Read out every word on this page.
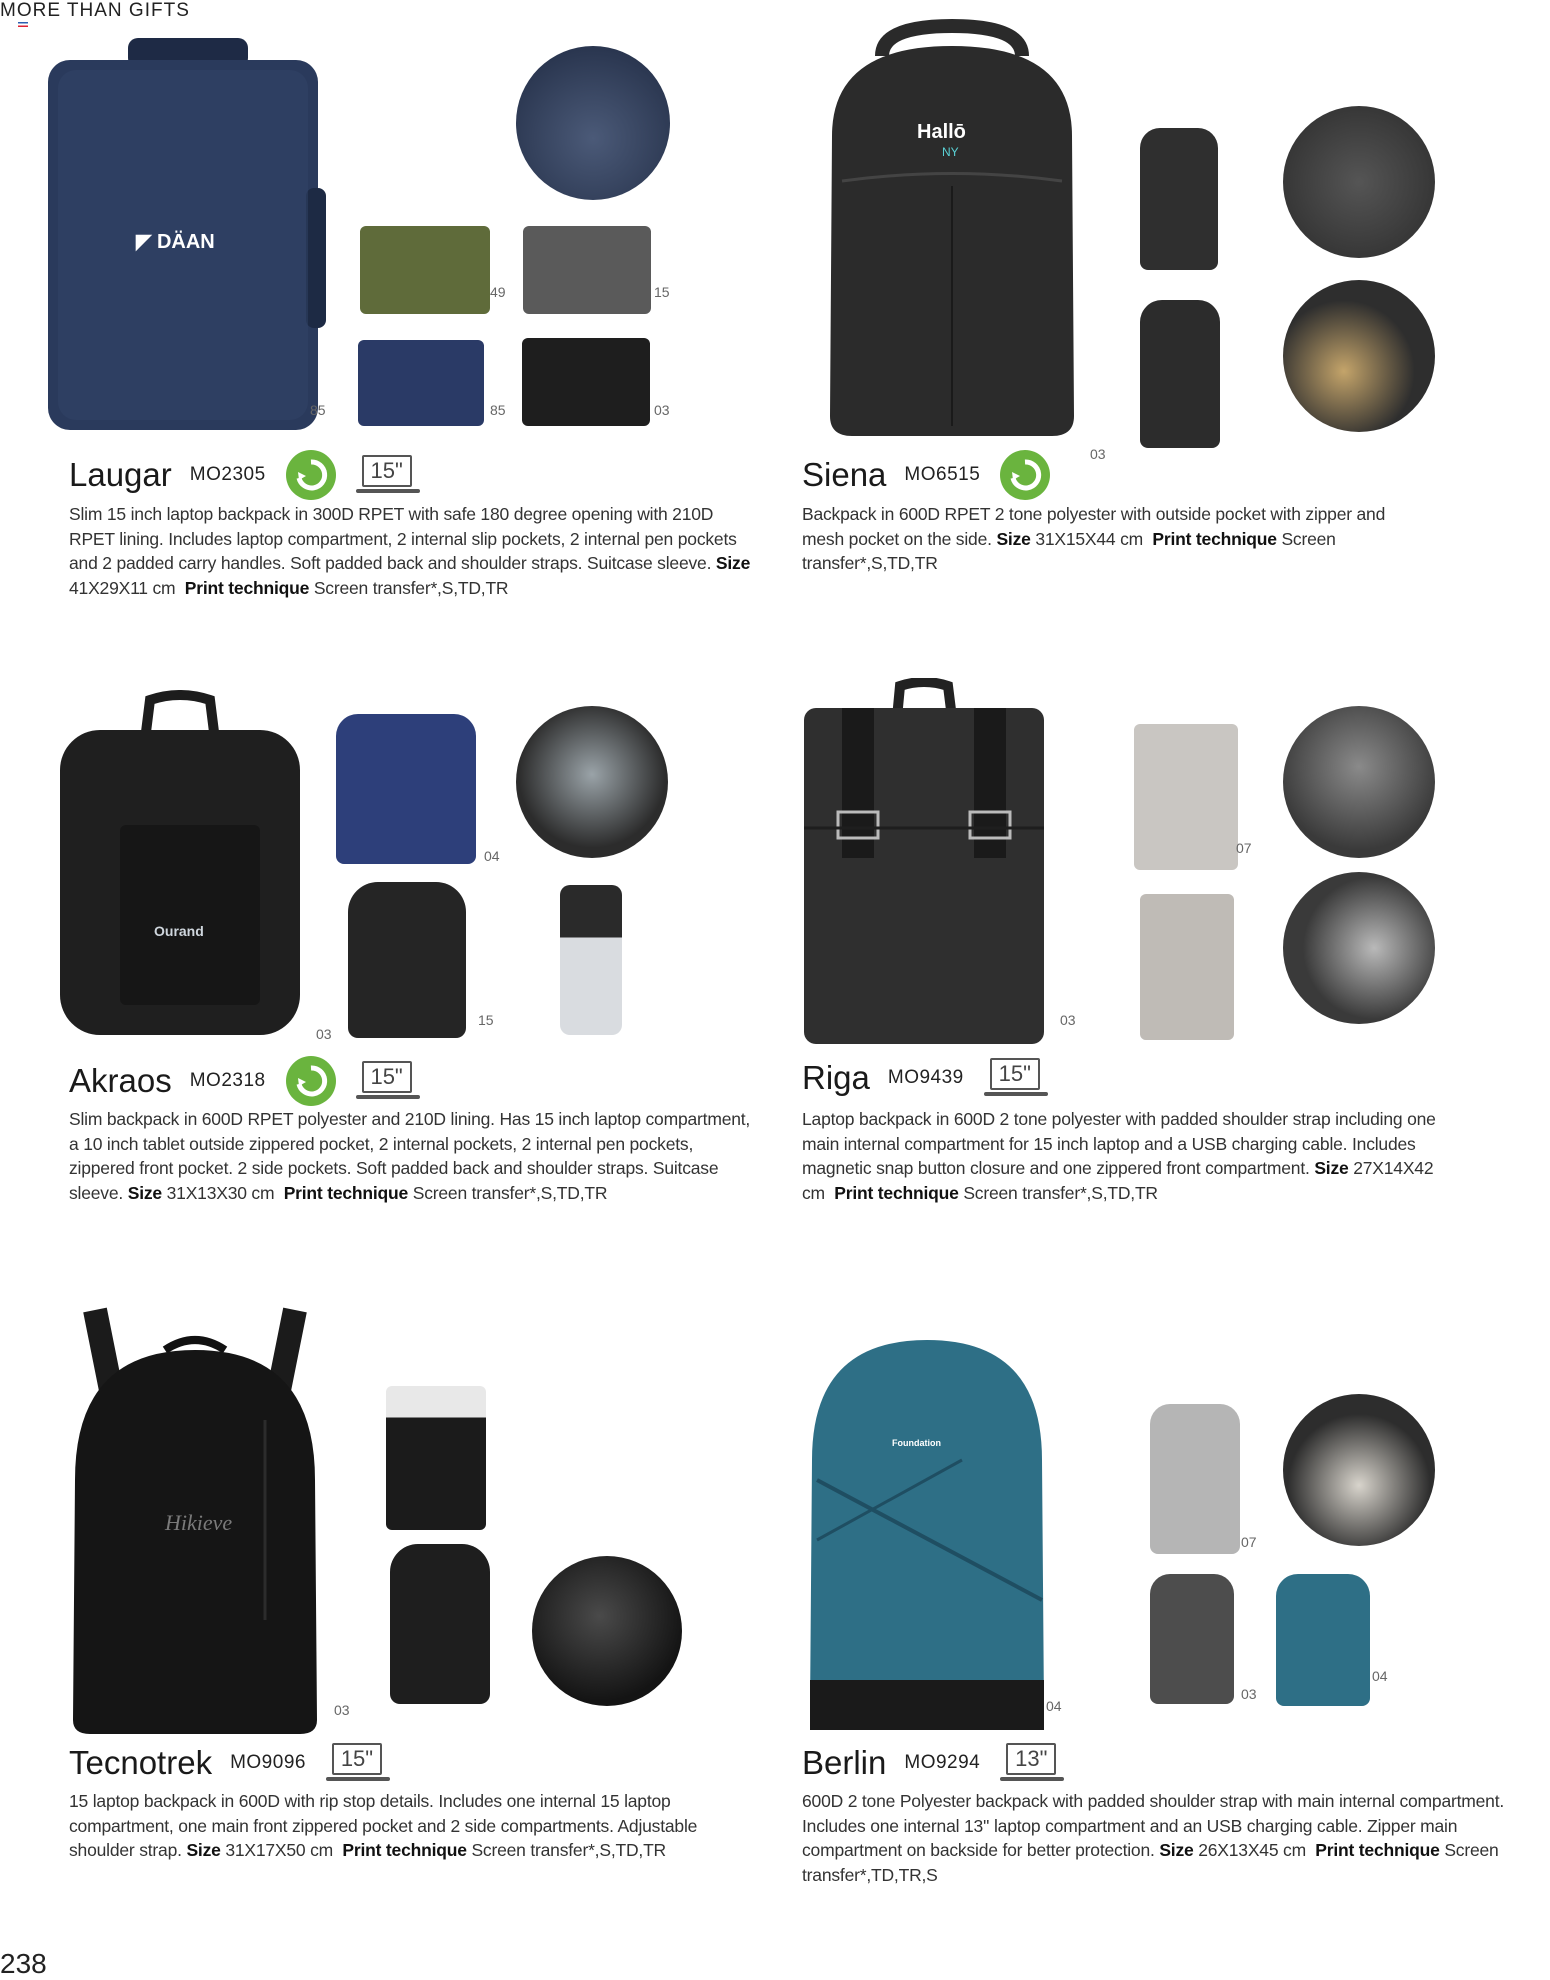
MORE THAN GIFTS
◤ DÄAN
85
49	15
85	03
Laugar MO2305	15"
Slim 15 inch laptop backpack in 300D RPET with safe 180 degree opening with 210D RPET lining. Includes laptop compartment, 2 internal slip pockets, 2 internal pen pockets and 2 padded carry handles. Soft padded back and shoulder straps. Suitcase sleeve. Size 41X29X11 cm Print technique Screen transfer*,S,TD,TR
Hallō
NY
03
Siena MO6515
Backpack in 600D RPET 2 tone polyester with outside pocket with zipper and mesh pocket on the side. Size 31X15X44 cm Print technique Screen transfer*,S,TD,TR
Ourand
03
04
15
Akraos MO2318	15"
Slim backpack in 600D RPET polyester and 210D lining. Has 15 inch laptop compartment, a 10 inch tablet outside zippered pocket, 2 internal pockets, 2 internal pen pockets, zippered front pocket. 2 side pockets. Soft padded back and shoulder straps. Suitcase sleeve. Size 31X13X30 cm Print technique Screen transfer*,S,TD,TR
03
07
Riga MO9439	15"
Laptop backpack in 600D 2 tone polyester with padded shoulder strap including one main internal compartment for 15 inch laptop and a USB charging cable. Includes magnetic snap button closure and one zippered front compartment. Size 27X14X42 cm Print technique Screen transfer*,S,TD,TR
Hikieve
03
Tecnotrek MO9096	15"
15 laptop backpack in 600D with rip stop details. Includes one internal 15 laptop compartment, one main front zippered pocket and 2 side compartments. Adjustable shoulder strap. Size 31X17X50 cm Print technique Screen transfer*,S,TD,TR
Foundation
04
07
03
04
Berlin MO9294	13"
600D 2 tone Polyester backpack with padded shoulder strap with main internal compartment. Includes one internal 13'' laptop compartment and an USB charging cable. Zipper main compartment on backside for better protection. Size 26X13X45 cm Print technique Screen transfer*,TD,TR,S
238
